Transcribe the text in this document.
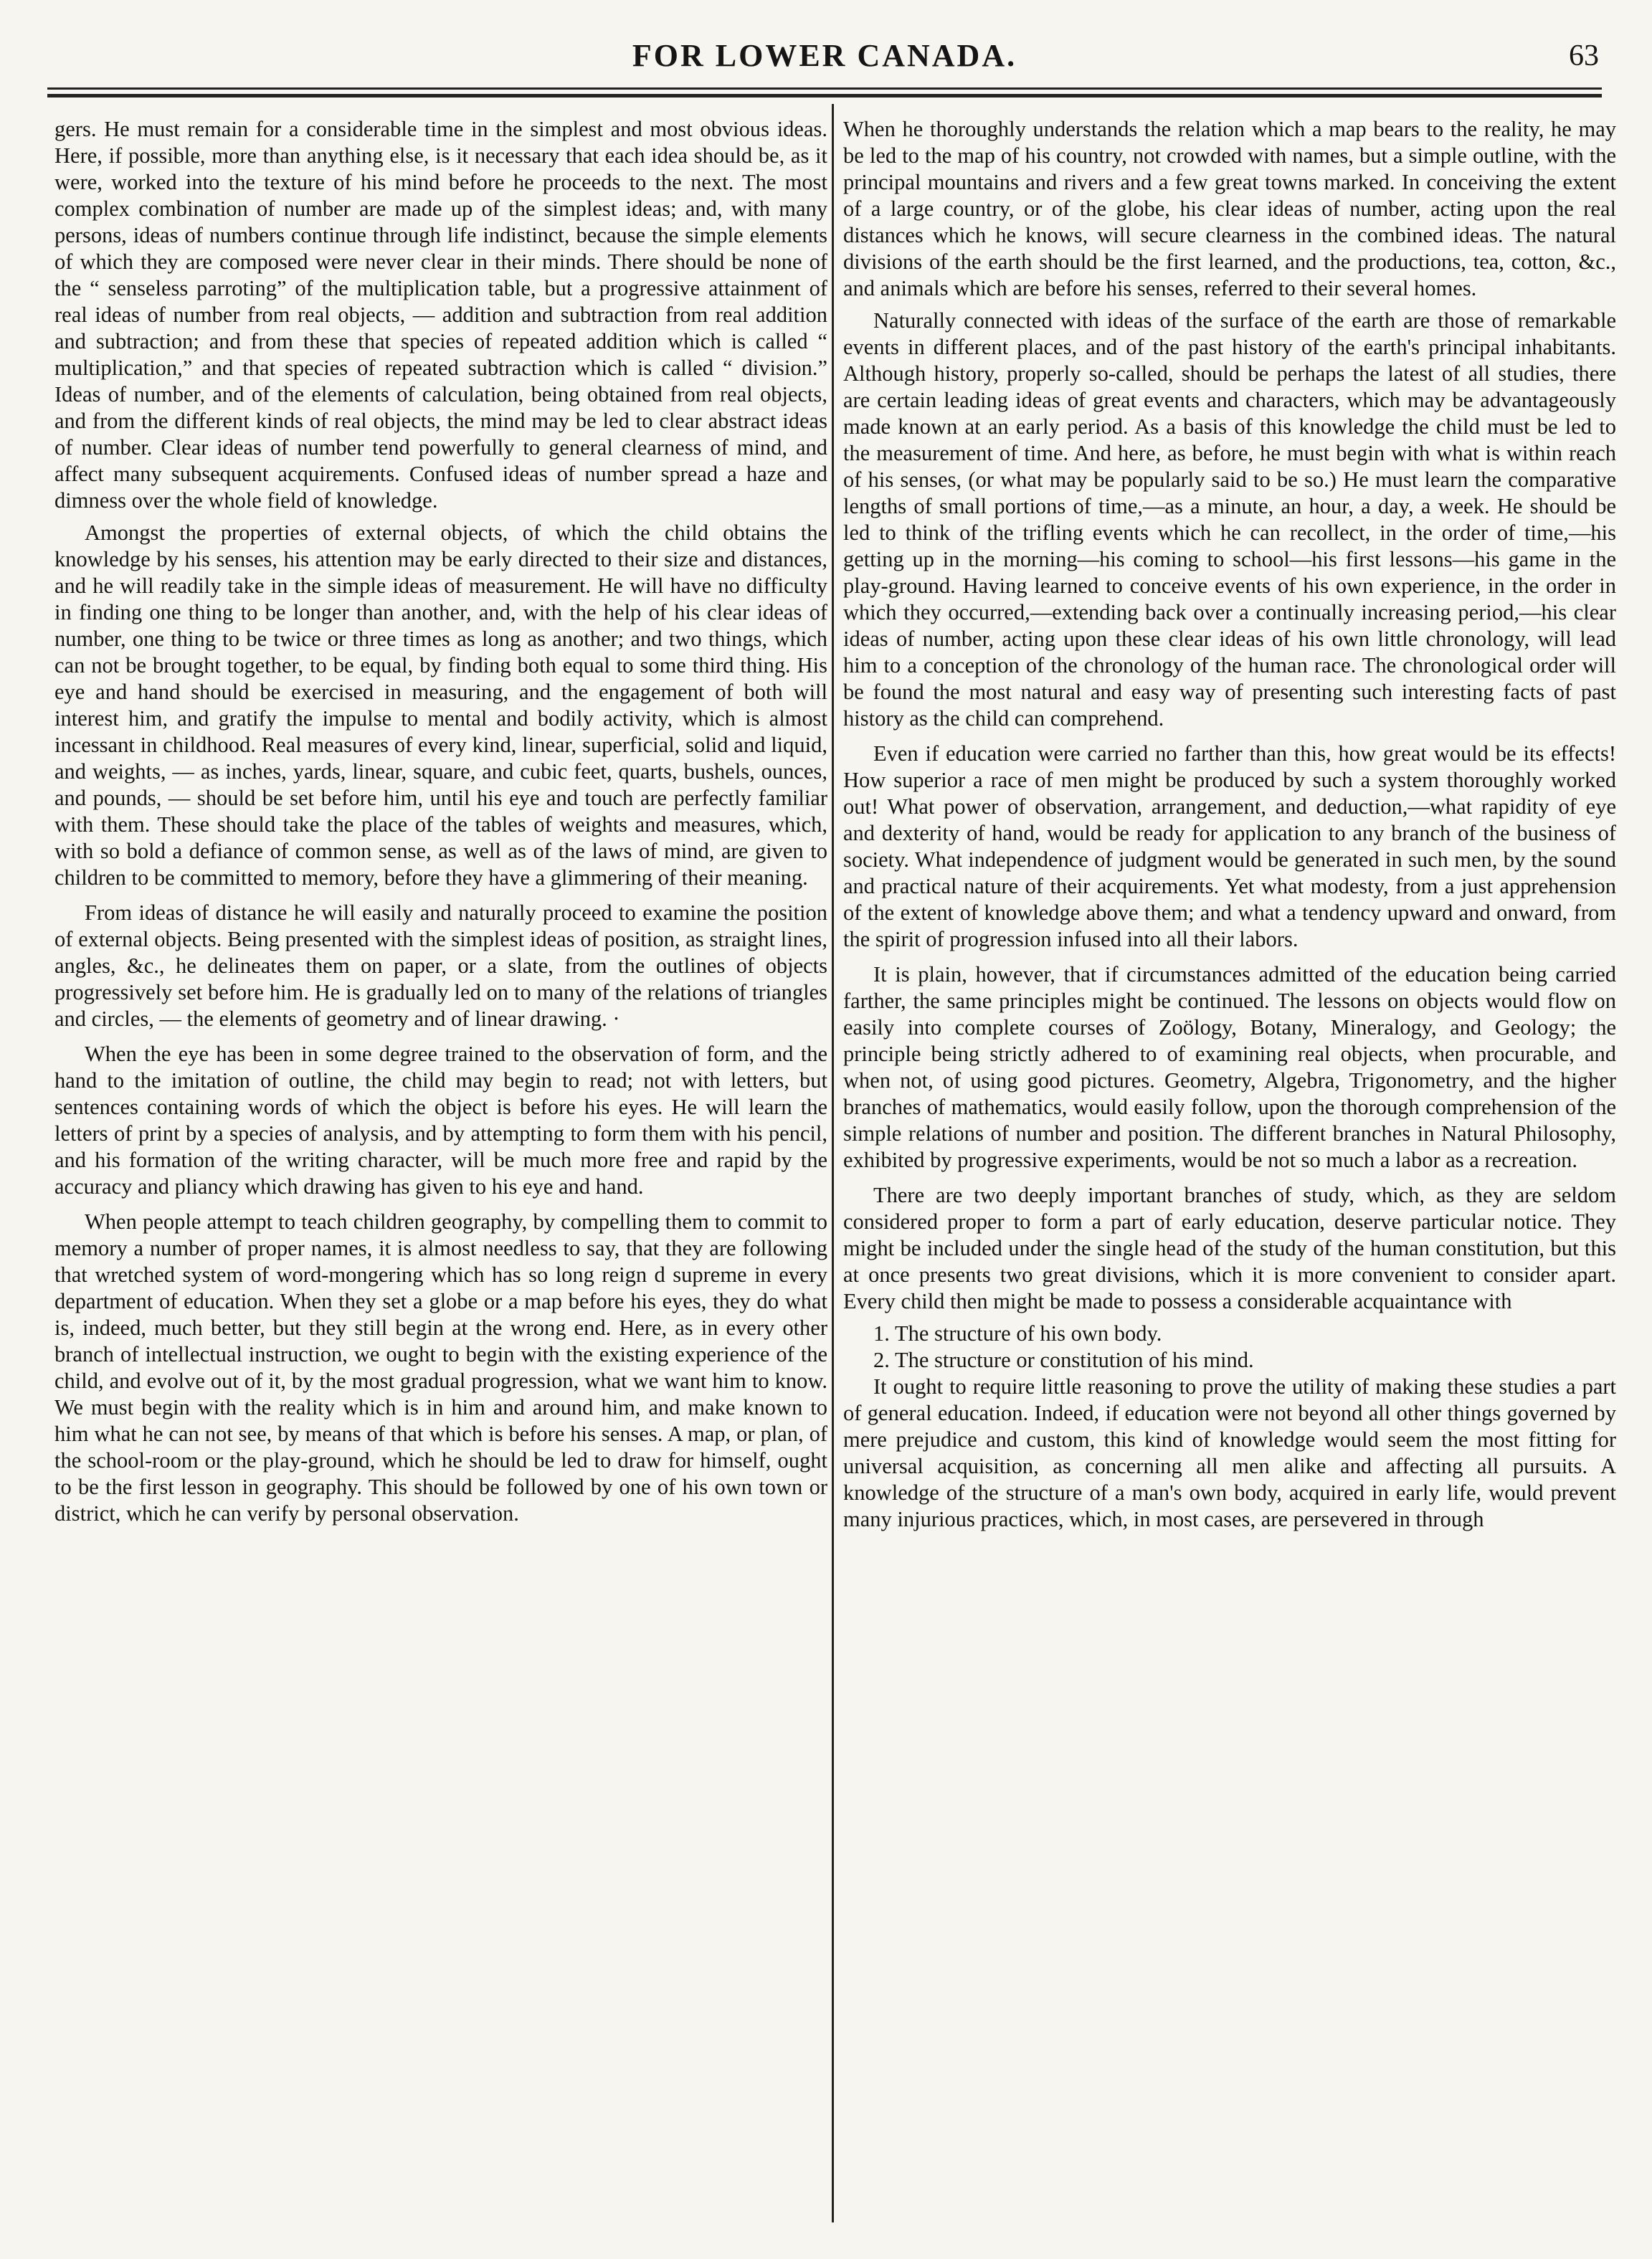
FOR LOWER CANADA.	63

gers. He must remain for a considerable time in the simplest and most obvious ideas. Here, if possible, more than anything else, is it necessary that each idea should be, as it were, worked into the texture of his mind before he proceeds to the next. The most complex combination of number are made up of the simplest ideas; and, with many persons, ideas of numbers continue through life indistinct, because the simple elements of which they are composed were never clear in their minds. There should be none of the “ senseless parroting” of the multiplication table, but a progressive attainment of real ideas of number from real objects, — addition and subtraction from real addition and subtraction; and from these that species of repeated addition which is called “ multiplication,” and that species of repeated subtraction which is called “ division.” Ideas of number, and of the elements of calculation, being obtained from real objects, and from the different kinds of real objects, the mind may be led to clear abstract ideas of number. Clear ideas of number tend powerfully to general clearness of mind, and affect many subsequent acquirements. Confused ideas of number spread a haze and dimness over the whole field of knowledge.

Amongst the properties of external objects, of which the child obtains the knowledge by his senses, his attention may be early directed to their size and distances, and he will readily take in the simple ideas of measurement. He will have no difficulty in finding one thing to be longer than another, and, with the help of his clear ideas of number, one thing to be twice or three times as long as another; and two things, which can not be brought together, to be equal, by finding both equal to some third thing. His eye and hand should be exercised in measuring, and the engagement of both will interest him, and gratify the impulse to mental and bodily activity, which is almost incessant in childhood. Real measures of every kind, linear, superficial, solid and liquid, and weights, — as inches, yards, linear, square, and cubic feet, quarts, bushels, ounces, and pounds, — should be set before him, until his eye and touch are perfectly familiar with them. These should take the place of the tables of weights and measures, which, with so bold a defiance of common sense, as well as of the laws of mind, are given to children to be committed to memory, before they have a glimmering of their meaning.

From ideas of distance he will easily and naturally proceed to examine the position of external objects. Being presented with the simplest ideas of position, as straight lines, angles, &c., he delineates them on paper, or a slate, from the outlines of objects progressively set before him. He is gradually led on to many of the relations of triangles and circles, — the elements of geometry and of linear drawing. ·

When the eye has been in some degree trained to the observation of form, and the hand to the imitation of outline, the child may begin to read; not with letters, but sentences containing words of which the object is before his eyes. He will learn the letters of print by a species of analysis, and by attempting to form them with his pencil, and his formation of the writing character, will be much more free and rapid by the accuracy and pliancy which drawing has given to his eye and hand.

When people attempt to teach children geography, by compelling them to commit to memory a number of proper names, it is almost needless to say, that they are following that wretched system of word-mongering which has so long reign d supreme in every department of education. When they set a globe or a map before his eyes, they do what is, indeed, much better, but they still begin at the wrong end. Here, as in every other branch of intellectual instruction, we ought to begin with the existing experience of the child, and evolve out of it, by the most gradual progression, what we want him to know. We must begin with the reality which is in him and around him, and make known to him what he can not see, by means of that which is before his senses. A map, or plan, of the school-room or the play-ground, which he should be led to draw for himself, ought to be the first lesson in geography. This should be followed by one of his own town or district, which he can verify by personal observation.

When he thoroughly understands the relation which a map bears to the reality, he may be led to the map of his country, not crowded with names, but a simple outline, with the principal mountains and rivers and a few great towns marked. In conceiving the extent of a large country, or of the globe, his clear ideas of number, acting upon the real distances which he knows, will secure clearness in the combined ideas. The natural divisions of the earth should be the first learned, and the productions, tea, cotton, &c., and animals which are before his senses, referred to their several homes.

Naturally connected with ideas of the surface of the earth are those of remarkable events in different places, and of the past history of the earth's principal inhabitants. Although history, properly so-called, should be perhaps the latest of all studies, there are certain leading ideas of great events and characters, which may be advantageously made known at an early period. As a basis of this knowledge the child must be led to the measurement of time. And here, as before, he must begin with what is within reach of his senses, (or what may be popularly said to be so.) He must learn the comparative lengths of small portions of time,—as a minute, an hour, a day, a week. He should be led to think of the trifling events which he can recollect, in the order of time,—his getting up in the morning—his coming to school—his first lessons—his game in the play-ground. Having learned to conceive events of his own experience, in the order in which they occurred,—extending back over a continually increasing period,—his clear ideas of number, acting upon these clear ideas of his own little chronology, will lead him to a conception of the chronology of the human race. The chronological order will be found the most natural and easy way of presenting such interesting facts of past history as the child can comprehend.

Even if education were carried no farther than this, how great would be its effects! How superior a race of men might be produced by such a system thoroughly worked out! What power of observation, arrangement, and deduction,—what rapidity of eye and dexterity of hand, would be ready for application to any branch of the business of society. What independence of judgment would be generated in such men, by the sound and practical nature of their acquirements. Yet what modesty, from a just apprehension of the extent of knowledge above them; and what a tendency upward and onward, from the spirit of progression infused into all their labors.

It is plain, however, that if circumstances admitted of the education being carried farther, the same principles might be continued. The lessons on objects would flow on easily into complete courses of Zoölogy, Botany, Mineralogy, and Geology; the principle being strictly adhered to of examining real objects, when procurable, and when not, of using good pictures. Geometry, Algebra, Trigonometry, and the higher branches of mathematics, would easily follow, upon the thorough comprehension of the simple relations of number and position. The different branches in Natural Philosophy, exhibited by progressive experiments, would be not so much a labor as a recreation.

There are two deeply important branches of study, which, as they are seldom considered proper to form a part of early education, deserve particular notice. They might be included under the single head of the study of the human constitution, but this at once presents two great divisions, which it is more convenient to consider apart. Every child then might be made to possess a considerable acquaintance with

1. The structure of his own body.

2. The structure or constitution of his mind.

It ought to require little reasoning to prove the utility of making these studies a part of general education. Indeed, if education were not beyond all other things governed by mere prejudice and custom, this kind of knowledge would seem the most fitting for universal acquisition, as concerning all men alike and affecting all pursuits. A knowledge of the structure of a man's own body, acquired in early life, would prevent many injurious practices, which, in most cases, are persevered in through
